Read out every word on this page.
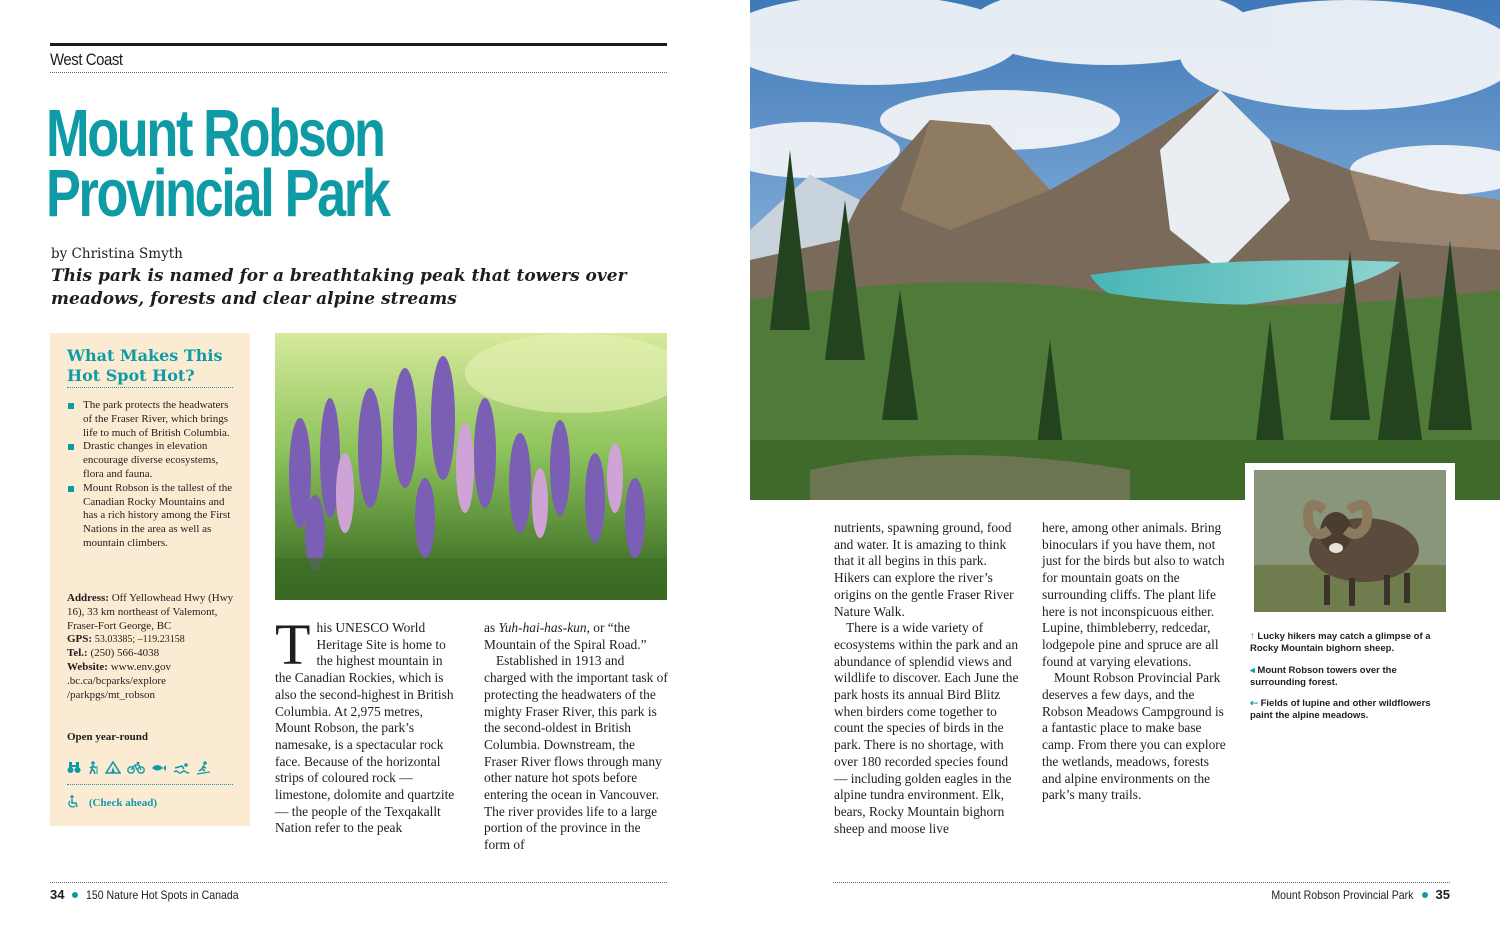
West Coast
Mount Robson
Provincial Park
by Christina Smyth
This park is named for a breathtaking peak that towers over meadows, forests and clear alpine streams
What Makes This Hot Spot Hot?
The park protects the headwaters of the Fraser River, which brings life to much of British Columbia.
Drastic changes in elevation encourage diverse ecosystems, flora and fauna.
Mount Robson is the tallest of the Canadian Rocky Mountains and has a rich history among the First Nations in the area as well as mountain climbers.
Address: Off Yellowhead Hwy (Hwy 16), 33 km northeast of Valemont, Fraser-Fort George, BC
GPS: 53.03385; –119.23158
Tel.: (250) 566-4038
Website: www.env.gov .bc.ca/bcparks/explore /parkpgs/mt_robson
Open year-round
(Check ahead)
T his UNESCO World Heritage Site is home to the highest mountain in the Canadian Rockies, which is also the second-highest in British Columbia. At 2,975 metres, Mount Robson, the park’s namesake, is a spectacular rock face. Because of the horizontal strips of coloured rock — limestone, dolomite and quartzite — the people of the Texqakallt Nation refer to the peak

as Yuh-hai-has-kun, or “the Mountain of the Spiral Road.”

Established in 1913 and charged with the important task of protecting the headwaters of the mighty Fraser River, this park is the second-oldest in British Columbia. Downstream, the Fraser River flows through many other nature hot spots before entering the ocean in Vancouver. The river provides life to a large portion of the province in the form of

34 150 Nature Hot Spots in Canada

nutrients, spawning ground, food and water. It is amazing to think that it all begins in this park. Hikers can explore the river’s origins on the gentle Fraser River Nature Walk.

There is a wide variety of ecosystems within the park and an abundance of splendid views and wildlife to discover. Each June the park hosts its annual Bird Blitz when birders come together to count the species of birds in the park. There is no shortage, with over 180 recorded species found — including golden eagles in the alpine tundra environment. Elk, bears, Rocky Mountain bighorn sheep and moose live

here, among other animals. Bring binoculars if you have them, not just for the birds but also to watch for mountain goats on the surrounding cliffs. The plant life here is not inconspicuous either. Lupine, thimbleberry, redcedar, lodgepole pine and spruce are all found at varying elevations.

Mount Robson Provincial Park deserves a few days, and the Robson Meadows Campground is a fantastic place to make base camp. From there you can explore the wetlands, meadows, forests and alpine environments on the park’s many trails.

↑ Lucky hikers may catch a glimpse of a Rocky Mountain bighorn sheep.
◂ Mount Robson towers over the surrounding forest.
⇠ Fields of lupine and other wildflowers paint the alpine meadows.
Mount Robson Provincial Park 35
